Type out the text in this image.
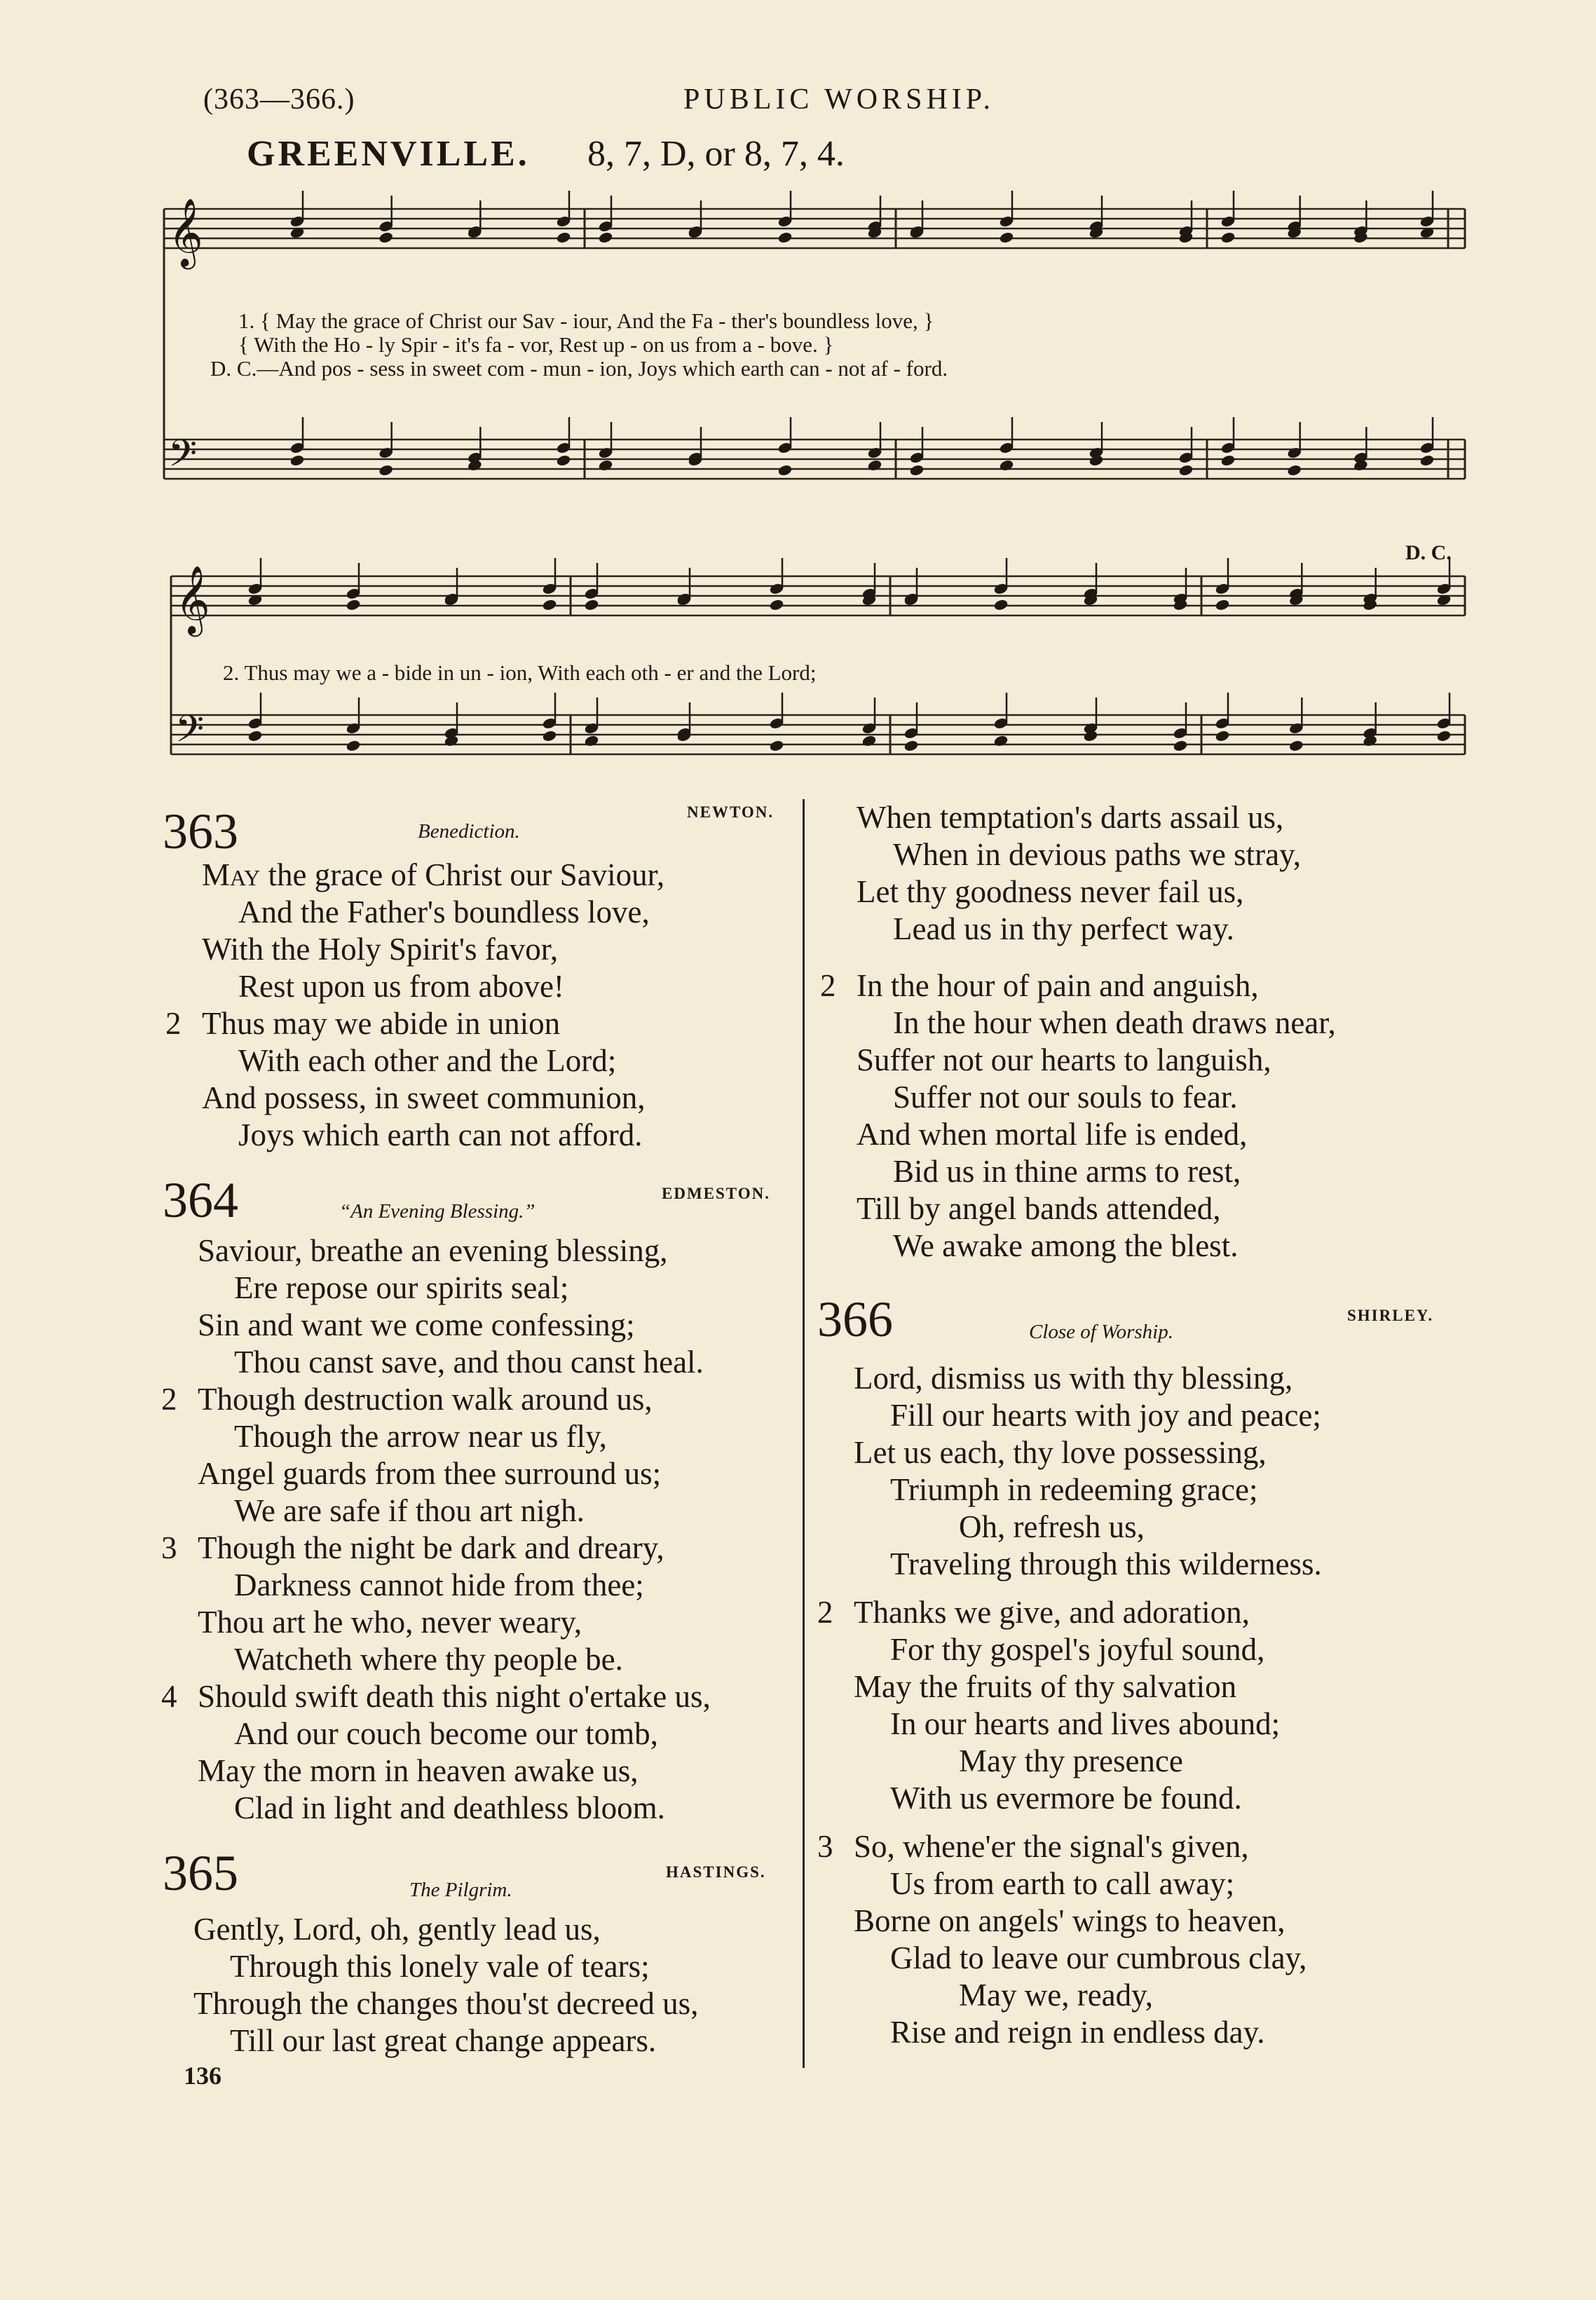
(363—366.)	PUBLIC WORSHIP.
GREENVILLE. 8, 7, D, or 8, 7, 4.
𝄞
𝄢
𝄞
𝄢
1. { May the grace of Christ our Sav - iour, And the Fa - ther's boundless love, }
{ With the Ho - ly Spir - it's fa - vor, Rest up - on us from a - bove. }
D. C.—And pos - sess in sweet com - mun - ion, Joys which earth can - not af - ford.
D. C.
2. Thus may we a - bide in un - ion, With each oth - er and the Lord;
363	Benediction.
NEWTON.
May the grace of Christ our Saviour,
And the Father's boundless love,
With the Holy Spirit's favor,
Rest upon us from above!
2 Thus may we abide in union
With each other and the Lord;
And possess, in sweet communion,
Joys which earth can not afford.
364	“An Evening Blessing.”
EDMESTON.
Saviour, breathe an evening blessing,
Ere repose our spirits seal;
Sin and want we come confessing;
Thou canst save, and thou canst heal.
2 Though destruction walk around us,
Though the arrow near us fly,
Angel guards from thee surround us;
We are safe if thou art nigh.
3 Though the night be dark and dreary,
Darkness cannot hide from thee;
Thou art he who, never weary,
Watcheth where thy people be.
4 Should swift death this night o'ertake us,
And our couch become our tomb,
May the morn in heaven awake us,
Clad in light and deathless bloom.
365	The Pilgrim.
HASTINGS.
Gently, Lord, oh, gently lead us,
Through this lonely vale of tears;
Through the changes thou'st decreed us,
Till our last great change appears.
When temptation's darts assail us,
When in devious paths we stray,
Let thy goodness never fail us,
Lead us in thy perfect way.
2 In the hour of pain and anguish,
In the hour when death draws near,
Suffer not our hearts to languish,
Suffer not our souls to fear.
And when mortal life is ended,
Bid us in thine arms to rest,
Till by angel bands attended,
We awake among the blest.
366	Close of Worship.
SHIRLEY.
Lord, dismiss us with thy blessing,
Fill our hearts with joy and peace;
Let us each, thy love possessing,
Triumph in redeeming grace;
Oh, refresh us,
Traveling through this wilderness.
2 Thanks we give, and adoration,
For thy gospel's joyful sound,
May the fruits of thy salvation
In our hearts and lives abound;
May thy presence
With us evermore be found.
3 So, whene'er the signal's given,
Us from earth to call away;
Borne on angels' wings to heaven,
Glad to leave our cumbrous clay,
May we, ready,
Rise and reign in endless day.
136
